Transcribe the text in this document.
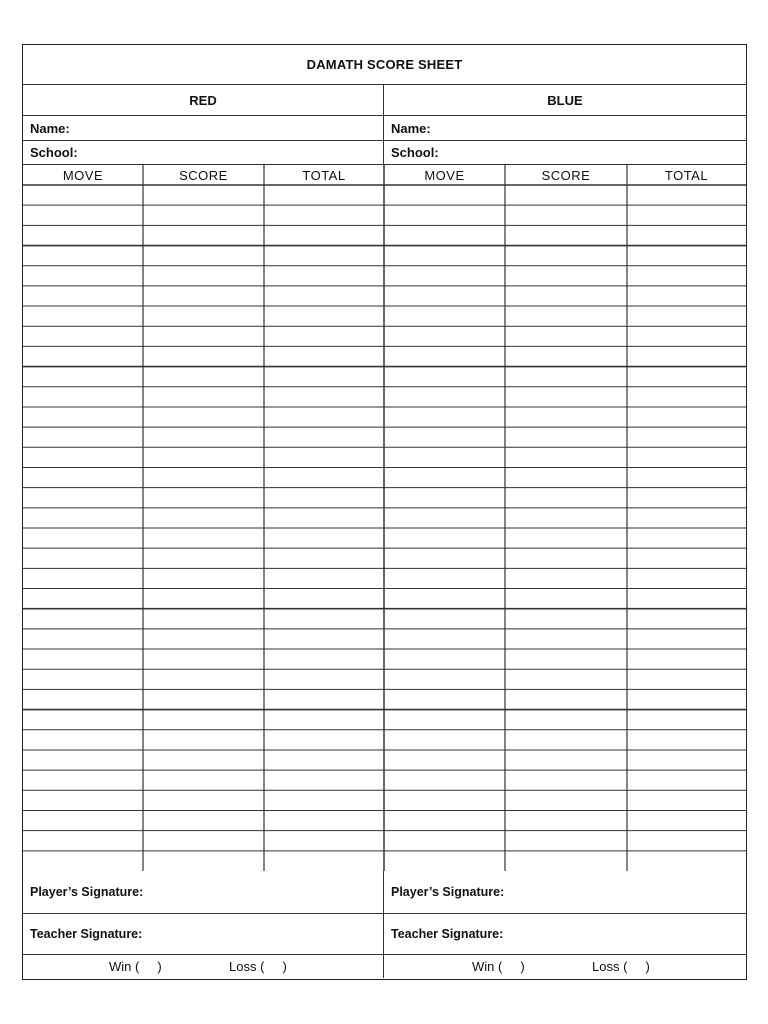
DAMATH SCORE SHEET
RED	BLUE
Name:	Name:
School:	School:
MOVE	SCORE	TOTAL	MOVE	SCORE	TOTAL
Player’s Signature:	Player’s Signature:
Teacher Signature:	Teacher Signature:
Win (     )	Loss (     )	Win (     )	Loss (     )
